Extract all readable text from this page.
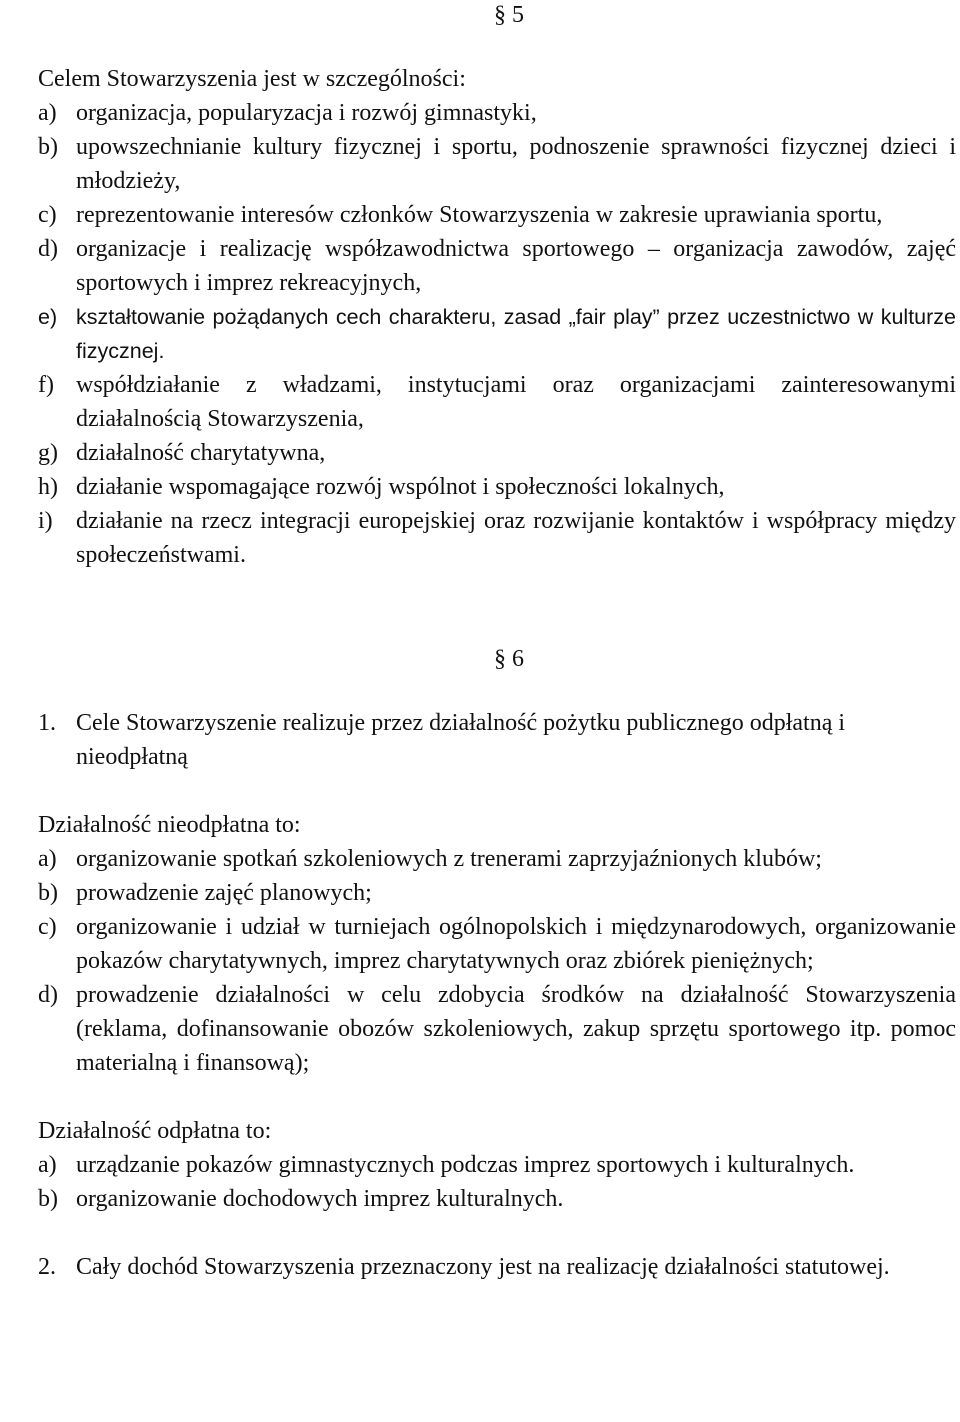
§ 5
Celem Stowarzyszenia jest w szczególności:
a) organizacja, popularyzacja i rozwój gimnastyki,
b) upowszechnianie kultury fizycznej i sportu, podnoszenie sprawności fizycznej dzieci i młodzieży,
c) reprezentowanie interesów członków Stowarzyszenia w zakresie uprawiania sportu,
d) organizacje i realizację współzawodnictwa sportowego – organizacja zawodów, zajęć sportowych i imprez rekreacyjnych,
e) kształtowanie pożądanych cech charakteru, zasad „fair play” przez uczestnictwo w kulturze fizycznej.
f) współdziałanie z władzami, instytucjami oraz organizacjami zainteresowanymi działalnością Stowarzyszenia,
g) działalność charytatywna,
h) działanie wspomagające rozwój wspólnot i społeczności lokalnych,
i) działanie na rzecz integracji europejskiej oraz rozwijanie kontaktów i współpracy między społeczeństwami.
§ 6
1. Cele Stowarzyszenie realizuje przez działalność pożytku publicznego odpłatną i nieodpłatną
Działalność nieodpłatna to:
a) organizowanie spotkań szkoleniowych z trenerami zaprzyjaźnionych klubów;
b) prowadzenie zajęć planowych;
c) organizowanie i udział w turniejach ogólnopolskich i międzynarodowych, organizowanie pokazów charytatywnych, imprez charytatywnych oraz zbiórek pieniężnych;
d) prowadzenie działalności w celu zdobycia środków na działalność Stowarzyszenia (reklama, dofinansowanie obozów szkoleniowych, zakup sprzętu sportowego itp. pomoc materialną i finansową);
Działalność odpłatna to:
a) urządzanie pokazów gimnastycznych podczas imprez sportowych i kulturalnych.
b) organizowanie dochodowych imprez kulturalnych.
2. Cały dochód Stowarzyszenia przeznaczony jest na realizację działalności statutowej.
